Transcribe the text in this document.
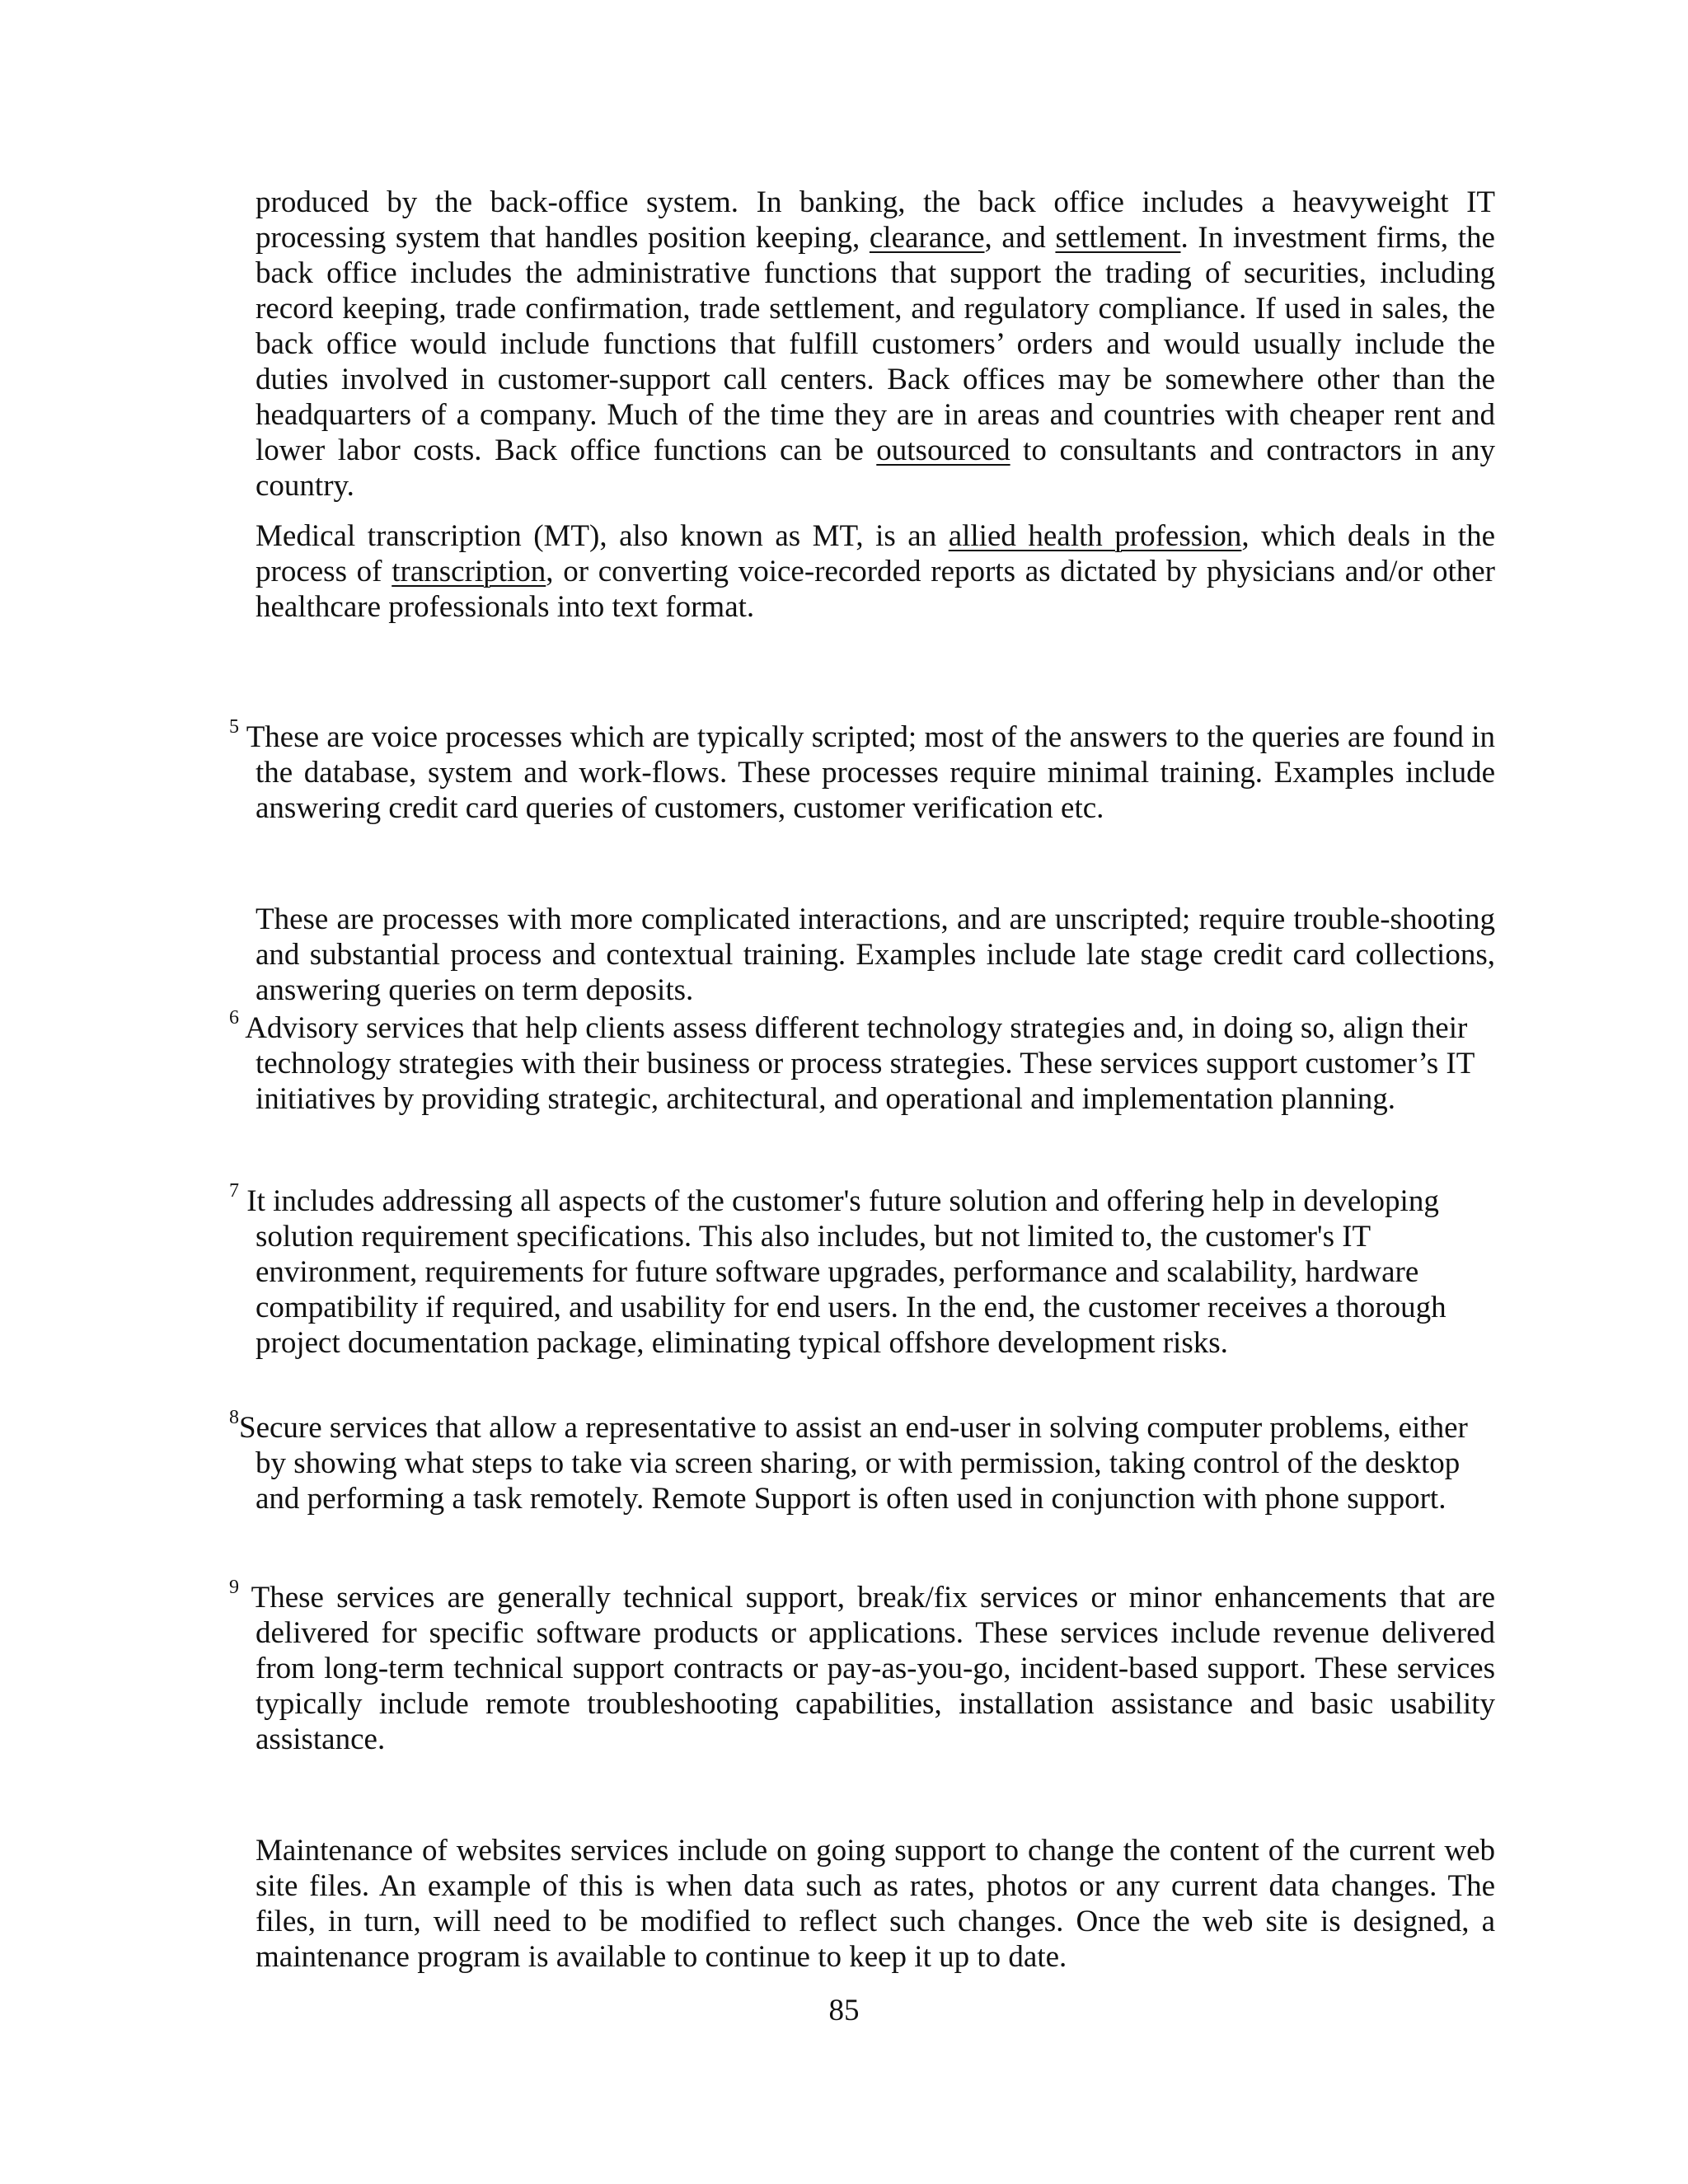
produced by the back-office system. In banking, the back office includes a heavyweight IT processing system that handles position keeping, clearance, and settlement. In investment firms, the back office includes the administrative functions that support the trading of securities, including record keeping, trade confirmation, trade settlement, and regulatory compliance. If used in sales, the back office would include functions that fulfill customers’ orders and would usually include the duties involved in customer-support call centers. Back offices may be somewhere other than the headquarters of a company. Much of the time they are in areas and countries with cheaper rent and lower labor costs. Back office functions can be outsourced to consultants and contractors in any country.

Medical transcription (MT), also known as MT, is an allied health profession, which deals in the process of transcription, or converting voice-recorded reports as dictated by physicians and/or other healthcare professionals into text format.

$^5$ These are voice processes which are typically scripted; most of the answers to the queries are found in the database, system and work-flows. These processes require minimal training. Examples include answering credit card queries of customers, customer verification etc.

These are processes with more complicated interactions, and are unscripted; require trouble-shooting and substantial process and contextual training. Examples include late stage credit card collections, answering queries on term deposits.

$^6$ Advisory services that help clients assess different technology strategies and, in doing so, align their technology strategies with their business or process strategies. These services support customer’s IT initiatives by providing strategic, architectural, and operational and implementation planning.

$^7$ It includes addressing all aspects of the customer's future solution and offering help in developing solution requirement specifications. This also includes, but not limited to, the customer's IT environment, requirements for future software upgrades, performance and scalability, hardware compatibility if required, and usability for end users. In the end, the customer receives a thorough project documentation package, eliminating typical offshore development risks.

$^8$Secure services that allow a representative to assist an end-user in solving computer problems, either by showing what steps to take via screen sharing, or with permission, taking control of the desktop and performing a task remotely. Remote Support is often used in conjunction with phone support.

$^9$ These services are generally technical support, break/fix services or minor enhancements that are delivered for specific software products or applications. These services include revenue delivered from long-term technical support contracts or pay-as-you-go, incident-based support. These services typically include remote troubleshooting capabilities, installation assistance and basic usability assistance.

Maintenance of websites services include on going support to change the content of the current web site files. An example of this is when data such as rates, photos or any current data changes. The files, in turn, will need to be modified to reflect such changes. Once the web site is designed, a maintenance program is available to continue to keep it up to date.

85
